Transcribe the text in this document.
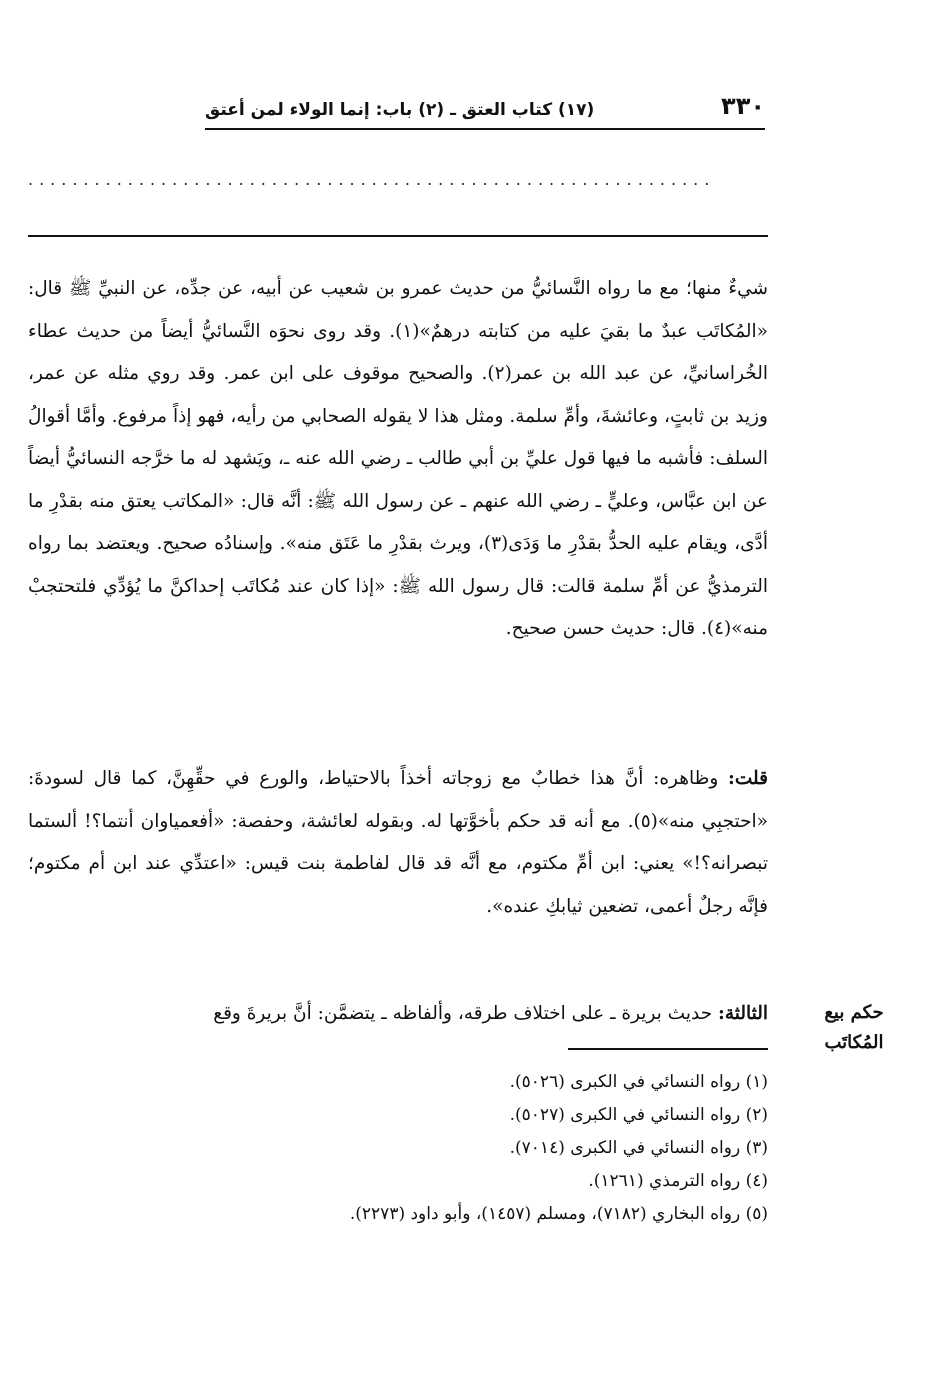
٣٣٠
(١٧) كتاب العتق ـ (٢) باب: إنما الولاء لمن أعتق
..............................................................
شيءٌ منها؛ مع ما رواه النَّسائيُّ من حديث عمرو بن شعيب عن أبيه، عن جدِّه، عن النبيِّ ﷺ قال: «المُكاتَب عبدٌ ما بقيَ عليه من كتابته درهمٌ»(١). وقد روى نحوَه النَّسائيُّ أيضاً من حديث عطاء الخُراسانيِّ، عن عبد الله بن عمر(٢). والصحيح موقوف على ابن عمر. وقد روي مثله عن عمر، وزيد بن ثابتٍ، وعائشةَ، وأمِّ سلمة. ومثل هذا لا يقوله الصحابي من رأيه، فهو إذاً مرفوع. وأمَّا أقوالُ السلف: فأشبه ما فيها قول عليِّ بن أبي طالب ـ رضي الله عنه ـ، ويَشهد له ما خرَّجه النسائيُّ أيضاً عن ابن عبَّاس، وعليٍّ ـ رضي الله عنهم ـ عن رسول الله ﷺ: أنَّه قال: «المكاتب يعتق منه بقدْرِ ما أدَّى، ويقام عليه الحدُّ بقدْرِ ما وَدَى(٣)، ويرث بقدْرِ ما عَتَق منه». وإسنادُه صحيح. ويعتضد بما رواه الترمذيُّ عن أمِّ سلمة قالت: قال رسول الله ﷺ: «إذا كان عند مُكاتَب إحداكنَّ ما يُؤدِّي فلتحتجبْ منه»(٤). قال: حديث حسن صحيح.
قلت: وظاهره: أنَّ هذا خطابٌ مع زوجاته أخذاً بالاحتياط، والورع في حقِّهِنَّ، كما قال لسودةَ: «احتجبِي منه»(٥). مع أنه قد حكم بأخوَّتها له. وبقوله لعائشة، وحفصة: «أفعمياوان أنتما؟! ألستما تبصرانه؟!» يعني: ابن أمِّ مكتوم، مع أنَّه قد قال لفاطمة بنت قيس: «اعتدِّي عند ابن أم مكتوم؛ فإنَّه رجلٌ أعمى، تضعين ثيابكِ عنده».
الثالثة: حديث بريرة ـ على اختلاف طرقه، وألفاظه ـ يتضمَّن: أنَّ بريرةَ وقع	حكم بيع المُكاتَب
(١) رواه النسائي في الكبرى (٥٠٢٦).
(٢) رواه النسائي في الكبرى (٥٠٢٧).
(٣) رواه النسائي في الكبرى (٧٠١٤).
(٤) رواه الترمذي (١٢٦١).
(٥) رواه البخاري (٧١٨٢)، ومسلم (١٤٥٧)، وأبو داود (٢٢٧٣).
